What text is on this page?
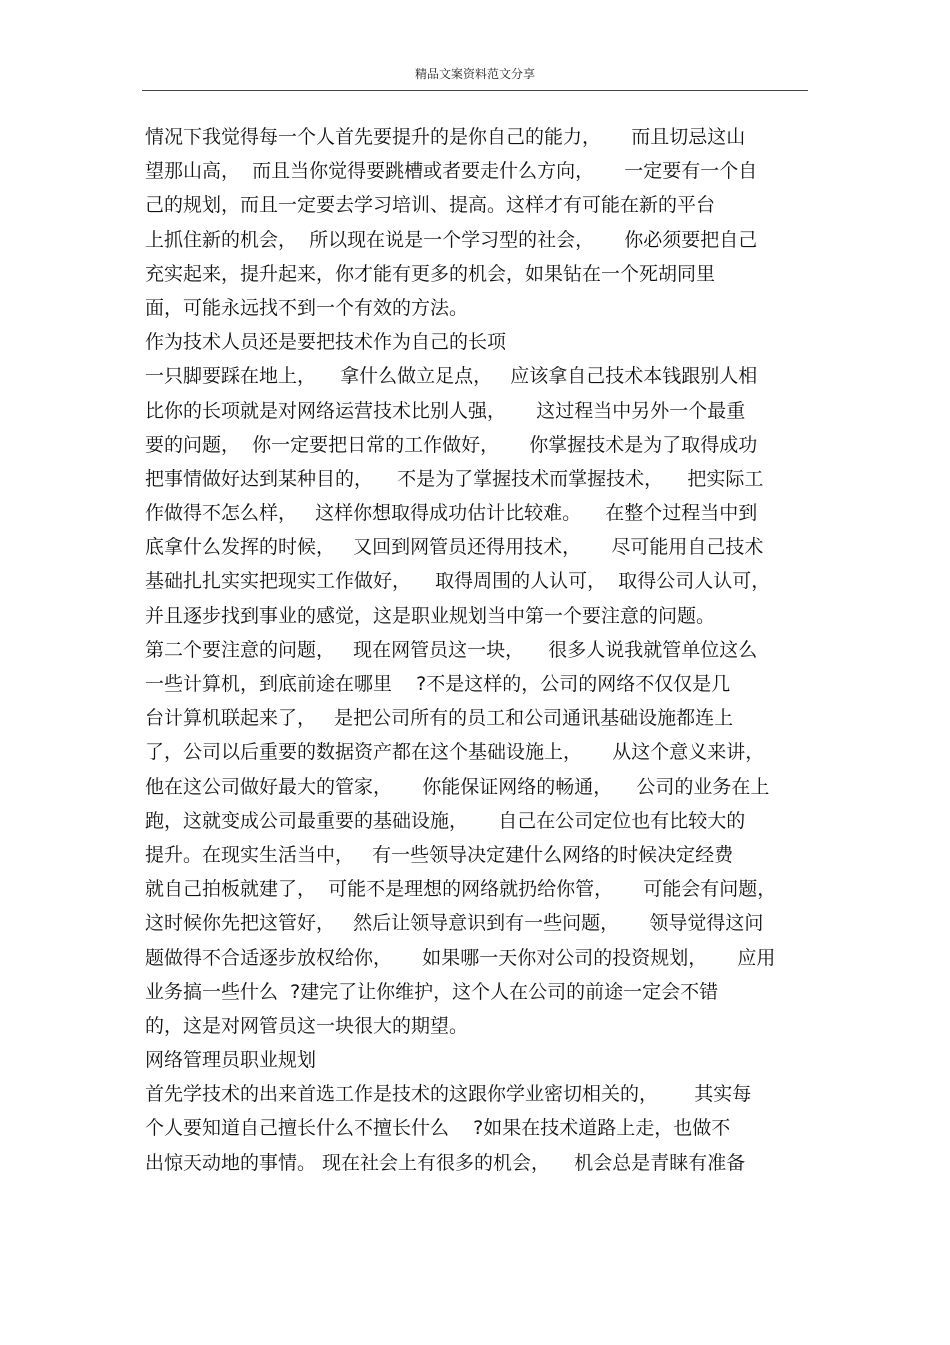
精品文案资料范文分享
情况下我觉得每一个人首先要提升的是你自己的能力，     而且切忌这山
望那山高，  而且当你觉得要跳槽或者要走什么方向，     一定要有一个自
己的规划，而且一定要去学习培训、提高。这样才有可能在新的平台
上抓住新的机会，  所以现在说是一个学习型的社会，     你必须要把自己
充实起来，提升起来，你才能有更多的机会，如果钻在一个死胡同里
面，可能永远找不到一个有效的方法。
作为技术人员还是要把技术作为自己的长项
一只脚要踩在地上，    拿什么做立足点，   应该拿自己技术本钱跟别人相
比你的长项就是对网络运营技术比别人强，     这过程当中另外一个最重
要的问题，  你一定要把日常的工作做好，     你掌握技术是为了取得成功
把事情做好达到某种目的，    不是为了掌握技术而掌握技术，    把实际工
作做得不怎么样，   这样你想取得成功估计比较难。    在整个过程当中到
底拿什么发挥的时候，   又回到网管员还得用技术，     尽可能用自己技术
基础扎扎实实把现实工作做好，    取得周围的人认可，  取得公司人认可，
并且逐步找到事业的感觉，这是职业规划当中第一个要注意的问题。
第二个要注意的问题，   现在网管员这一块，    很多人说我就管单位这么
一些计算机，到底前途在哪里    ?不是这样的，公司的网络不仅仅是几
台计算机联起来了，   是把公司所有的员工和公司通讯基础设施都连上
了，公司以后重要的数据资产都在这个基础设施上，     从这个意义来讲，
他在这公司做好最大的管家，     你能保证网络的畅通，    公司的业务在上
跑，这就变成公司最重要的基础设施，     自己在公司定位也有比较大的
提升。在现实生活当中，   有一些领导决定建什么网络的时候决定经费
就自己拍板就建了，  可能不是理想的网络就扔给你管，     可能会有问题，
这时候你先把这管好，   然后让领导意识到有一些问题，     领导觉得这问
题做得不合适逐步放权给你，     如果哪一天你对公司的投资规划，     应用
业务搞一些什么  ?建完了让你维护，这个人在公司的前途一定会不错
的，这是对网管员这一块很大的期望。
网络管理员职业规划
首先学技术的出来首选工作是技术的这跟你学业密切相关的，      其实每
个人要知道自己擅长什么不擅长什么    ?如果在技术道路上走，也做不
出惊天动地的事情。 现在社会上有很多的机会，    机会总是青睐有准备
